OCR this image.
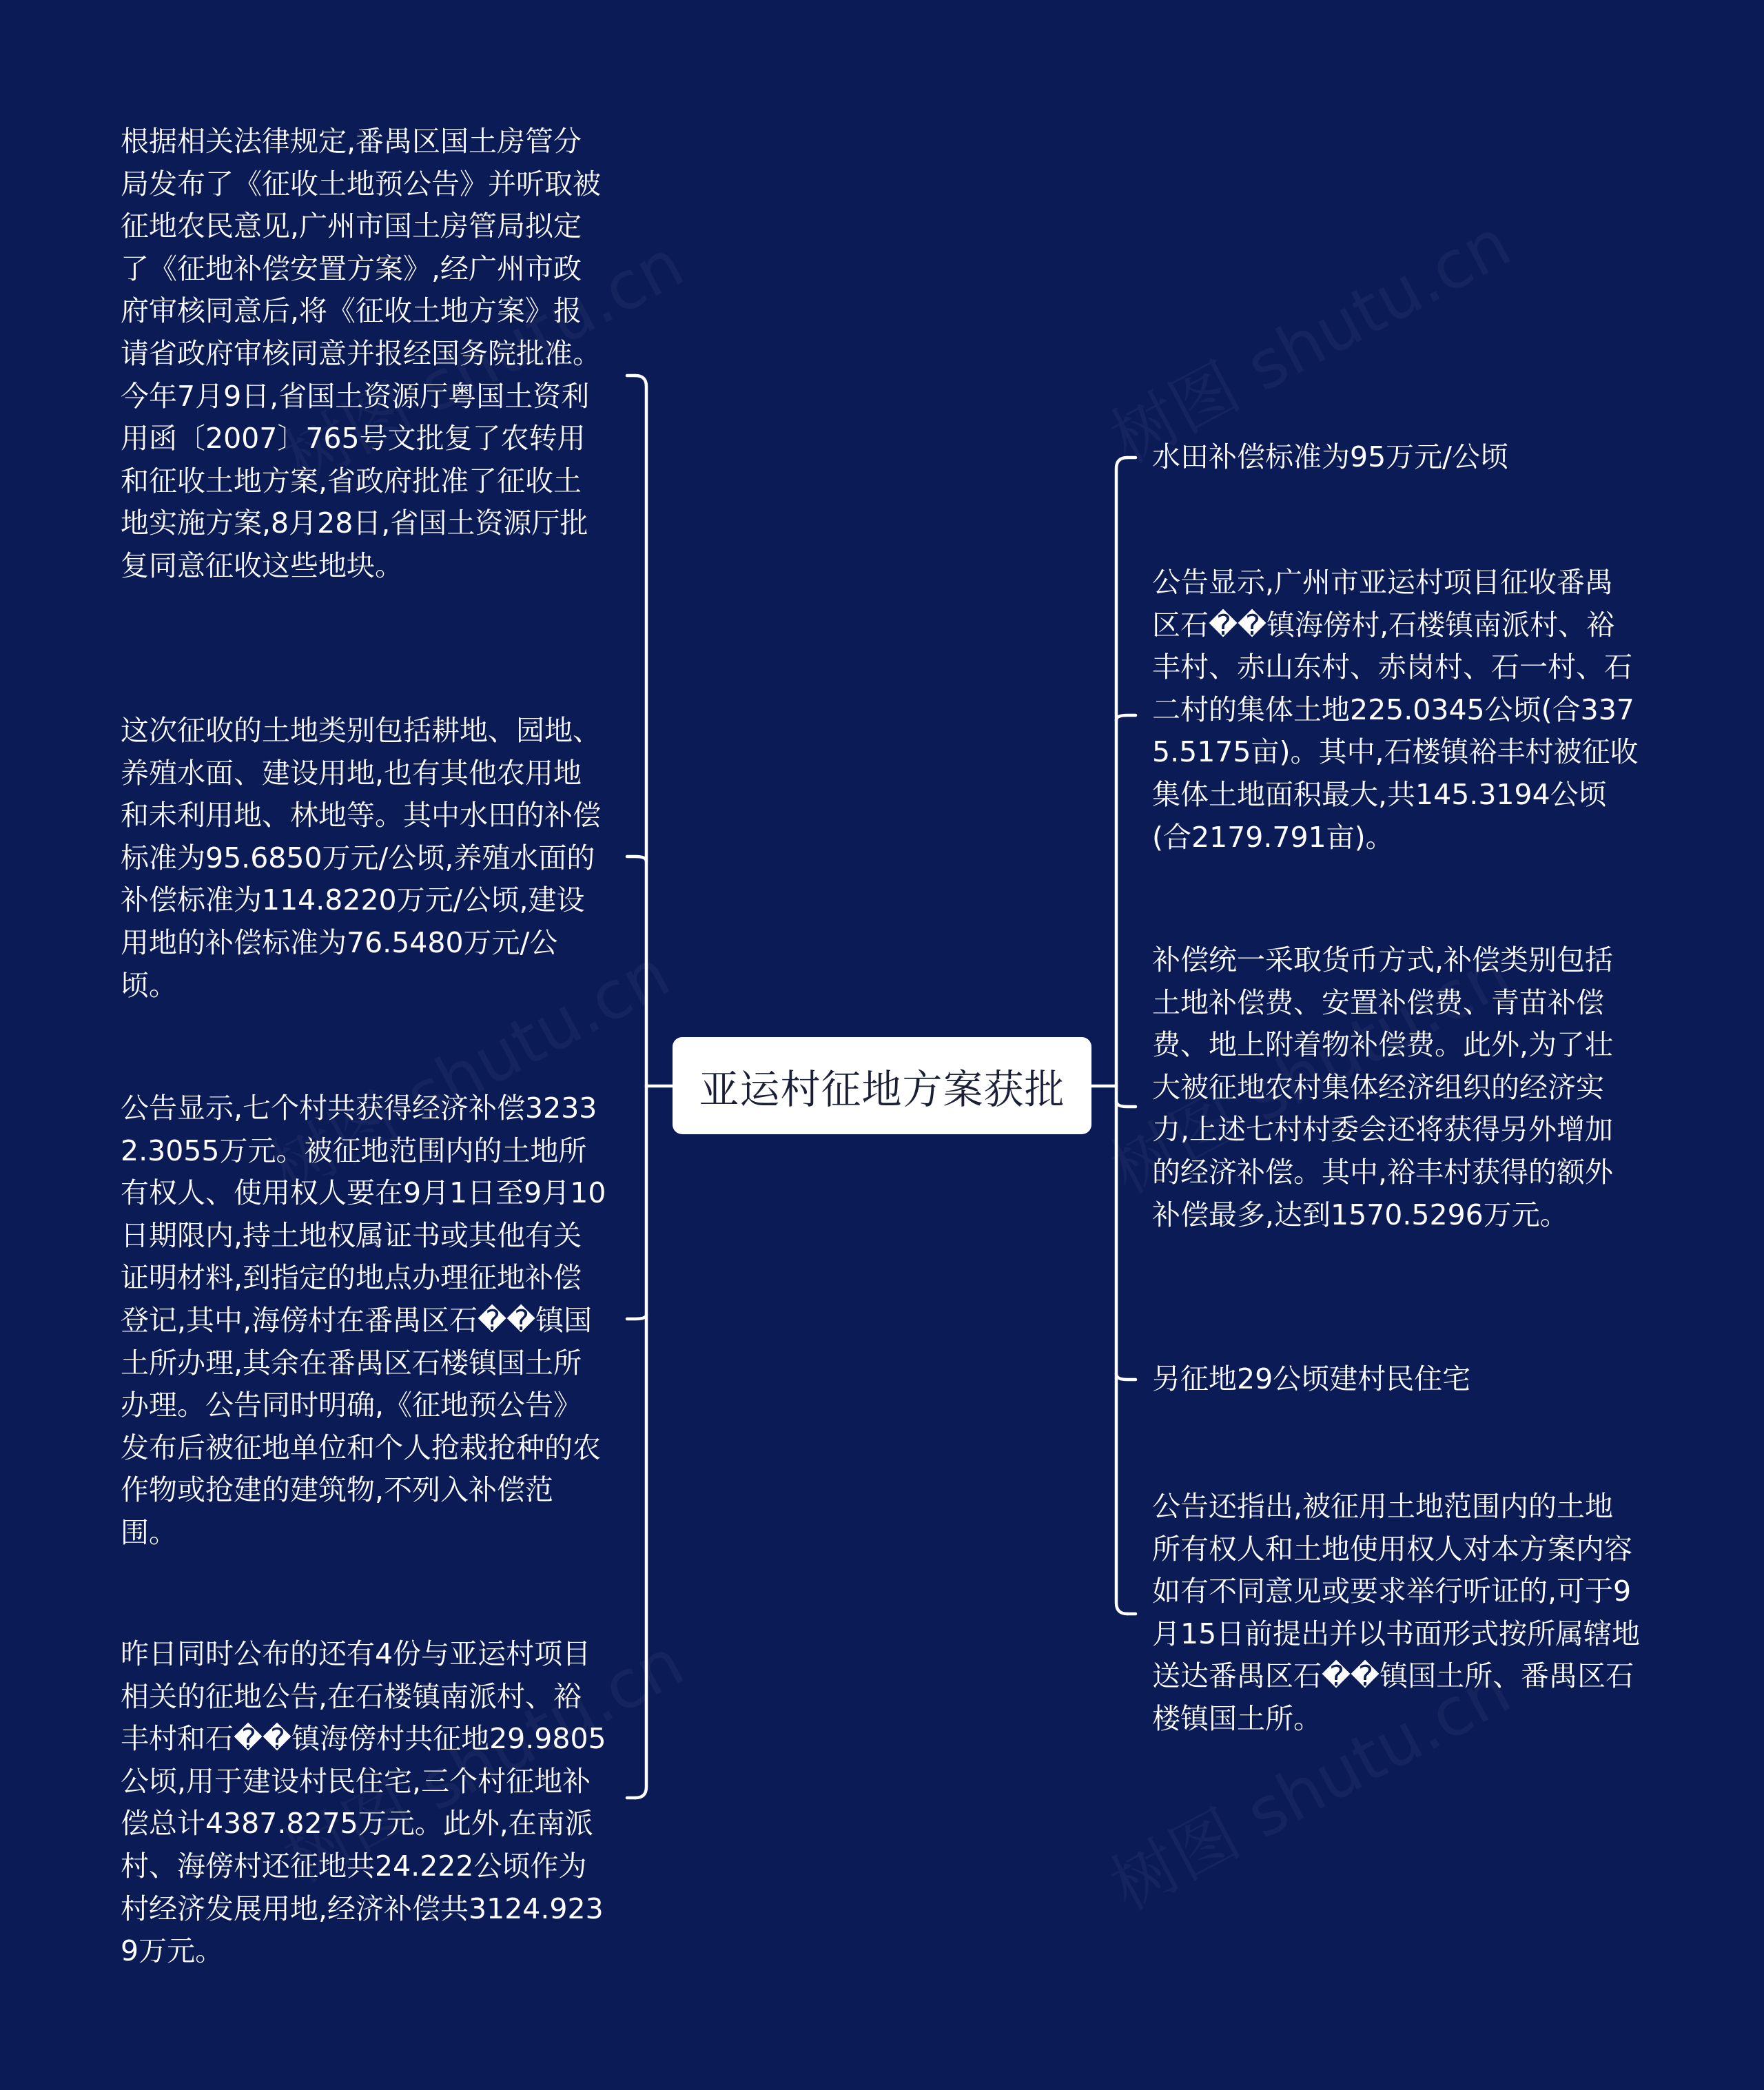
亚运村征地方案获批
根据相关法律规定,番禺区国土房管分局发布了《征收土地预公告》并听取被征地农民意见,广州市国土房管局拟定了《征地补偿安置方案》,经广州市政府审核同意后,将《征收土地方案》报请省政府审核同意并报经国务院批准。今年7月9日,省国土资源厅粤国土资利用函〔2007〕765号文批复了农转用和征收土地方案,省政府批准了征收土地实施方案,8月28日,省国土资源厅批复同意征收这些地块。
这次征收的土地类别包括耕地、园地、养殖水面、建设用地,也有其他农用地和未利用地、林地等。其中水田的补偿标准为95.6850万元/公顷,养殖水面的补偿标准为114.8220万元/公顷,建设用地的补偿标准为76.5480万元/公顷。
公告显示,七个村共获得经济补偿32332.3055万元。被征地范围内的土地所有权人、使用权人要在9月1日至9月10日期限内,持土地权属证书或其他有关证明材料,到指定的地点办理征地补偿登记,其中,海傍村在番禺区石��镇国土所办理,其余在番禺区石楼镇国土所办理。公告同时明确,《征地预公告》发布后被征地单位和个人抢栽抢种的农作物或抢建的建筑物,不列入补偿范围。
昨日同时公布的还有4份与亚运村项目相关的征地公告,在石楼镇南派村、裕丰村和石��镇海傍村共征地29.9805公顷,用于建设村民住宅,三个村征地补偿总计4387.8275万元。此外,在南派村、海傍村还征地共24.222公顷作为村经济发展用地,经济补偿共3124.9239万元。
水田补偿标准为95万元/公顷
公告显示,广州市亚运村项目征收番禺区石��镇海傍村,石楼镇南派村、裕丰村、赤山东村、赤岗村、石一村、石二村的集体土地225.0345公顷(合3375.5175亩)。其中,石楼镇裕丰村被征收集体土地面积最大,共145.3194公顷(合2179.791亩)。
补偿统一采取货币方式,补偿类别包括土地补偿费、安置补偿费、青苗补偿费、地上附着物补偿费。此外,为了壮大被征地农村集体经济组织的经济实力,上述七村村委会还将获得另外增加的经济补偿。其中,裕丰村获得的额外补偿最多,达到1570.5296万元。
另征地29公顷建村民住宅
公告还指出,被征用土地范围内的土地所有权人和土地使用权人对本方案内容如有不同意见或要求举行听证的,可于9月15日前提出并以书面形式按所属辖地送达番禺区石��镇国土所、番禺区石楼镇国土所。
